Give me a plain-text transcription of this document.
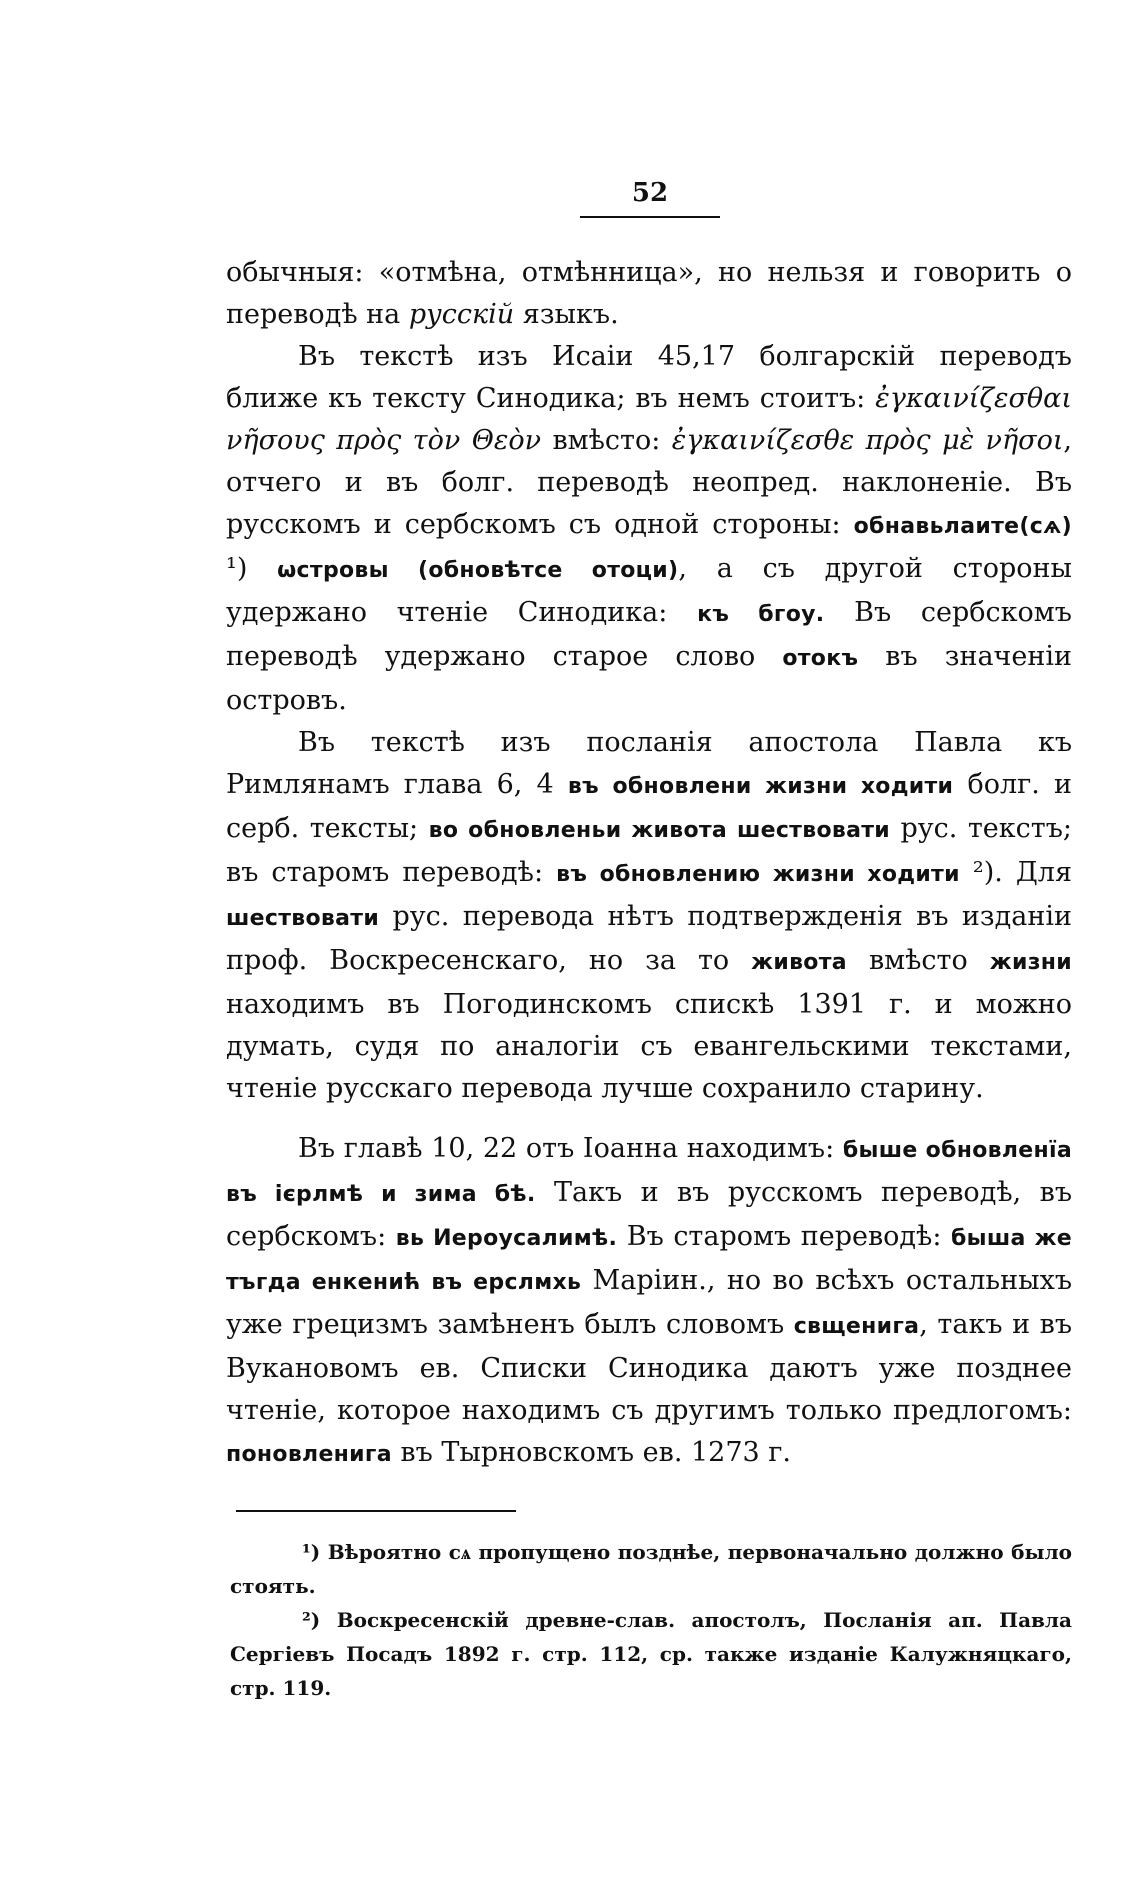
52

обычныя: «отмѣна, отмѣнница», но нельзя и говорить о переводѣ на русскій языкъ.

Въ текстѣ изъ Исаіи 45,17 болгарскій переводъ ближе къ тексту Синодика; въ немъ стоитъ: ἐγκαινίζεσθαι νῆσους πρὸς τὸν Θεὸν вмѣсто: ἐγκαινίζεσθε πρὸς μὲ νῆσοι, отчего и въ болг. переводѣ неопред. наклоненіе. Въ русскомъ и сербскомъ съ одной стороны: обнавьлаите(сѧ) ¹) ѡстровы (обновѣтсе отоци), а съ другой стороны удержано чтеніе Синодика: къ бгоу. Въ сербскомъ переводѣ удержано старое слово отокъ въ значеніи островъ.

Въ текстѣ изъ посланія апостола Павла къ Римлянамъ глава 6, 4 въ обновлени жизни ходити болг. и серб. тексты; во обновленьи живота шествовати рус. текстъ; въ старомъ переводѣ: въ обновлению жизни ходити ²). Для шествовати рус. перевода нѣтъ подтвержденія въ изданіи проф. Воскресенскаго, но за то живота вмѣсто жизни находимъ въ Погодинскомъ спискѣ 1391 г. и можно думать, судя по аналогіи съ евангельскими текстами, чтеніе русскаго перевода лучше сохранило старину.

Въ главѣ 10, 22 отъ Іоанна находимъ: быше обновленїа въ ієрлмѣ и зима бѣ. Такъ и въ русскомъ переводѣ, въ сербскомъ: вь Иероусалимѣ. Въ старомъ переводѣ: быша же тъгда енкенић въ ерслмхь Маріин., но во всѣхъ остальныхъ уже грецизмъ замѣненъ былъ словомъ свщенига, такъ и въ Вукановомъ ев. Списки Синодика даютъ уже позднее чтеніе, которое находимъ съ другимъ только предлогомъ: поновленига въ Тырновскомъ ев. 1273 г.

¹) Вѣроятно сѧ пропущено позднѣе, первоначально должно было стоять.

²) Воскресенскій древне-слав. апостолъ, Посланія ап. Павла Сергіевъ Посадъ 1892 г. стр. 112, ср. также изданіе Калужняцкаго, стр. 119.
